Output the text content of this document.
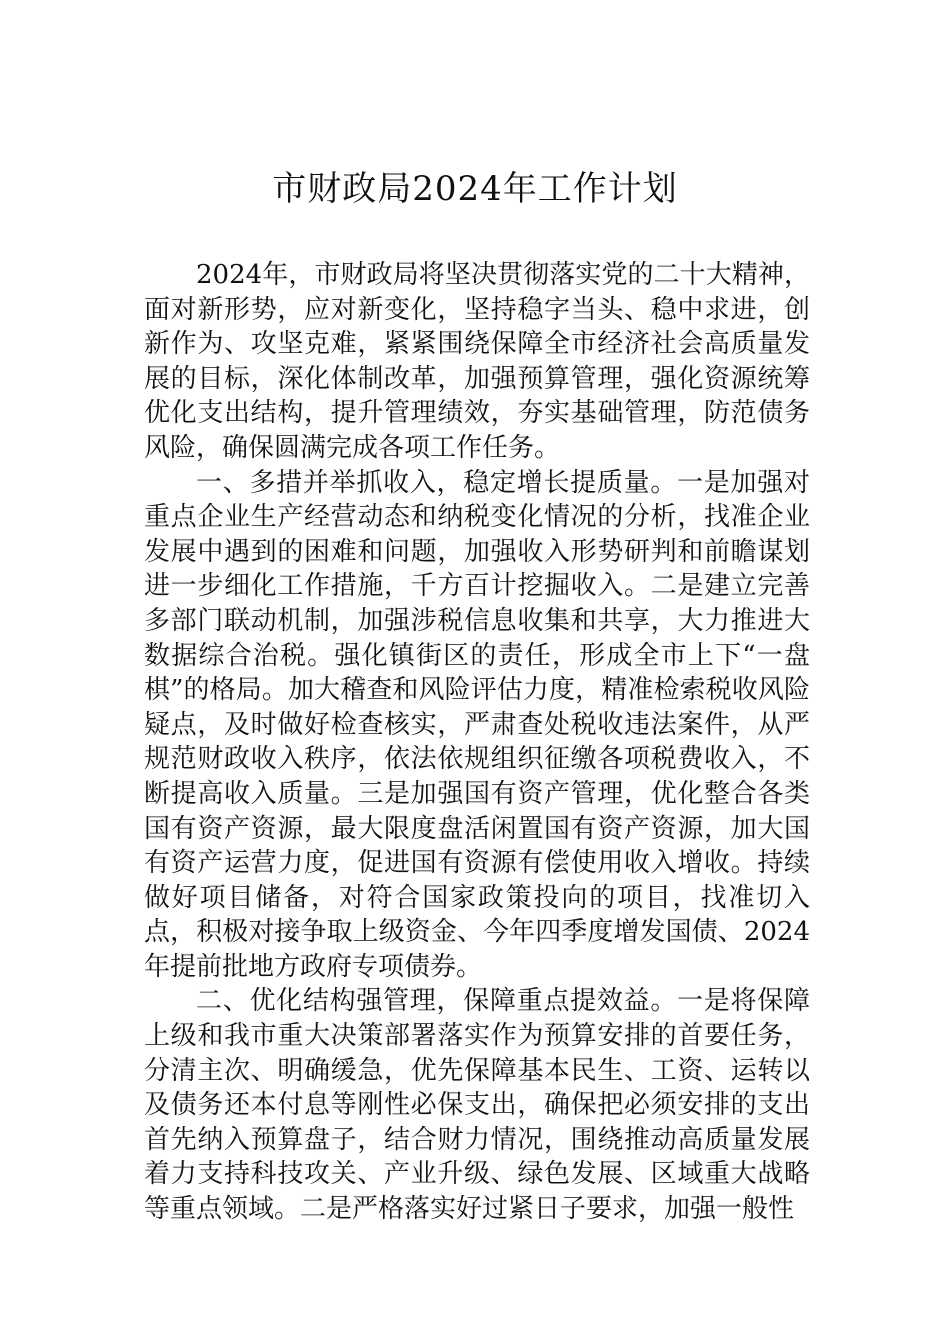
市财政局2024年工作计划

2024年，市财政局将坚决贯彻落实党的二十大精神，面对新形势，应对新变化，坚持稳字当头、稳中求进，创新作为、攻坚克难，紧紧围绕保障全市经济社会高质量发展的目标，深化体制改革，加强预算管理，强化资源统筹优化支出结构，提升管理绩效，夯实基础管理，防范债务风险，确保圆满完成各项工作任务。

一、多措并举抓收入，稳定增长提质量。一是加强对重点企业生产经营动态和纳税变化情况的分析，找准企业发展中遇到的困难和问题，加强收入形势研判和前瞻谋划进一步细化工作措施，千方百计挖掘收入。二是建立完善多部门联动机制，加强涉税信息收集和共享，大力推进大数据综合治税。强化镇街区的责任，形成全市上下“一盘棋”的格局。加大稽查和风险评估力度，精准检索税收风险疑点，及时做好检查核实，严肃查处税收违法案件，从严规范财政收入秩序，依法依规组织征缴各项税费收入，不断提高收入质量。三是加强国有资产管理，优化整合各类国有资产资源，最大限度盘活闲置国有资产资源，加大国有资产运营力度，促进国有资源有偿使用收入增收。持续做好项目储备，对符合国家政策投向的项目，找准切入点，积极对接争取上级资金、今年四季度增发国债、2024年提前批地方政府专项债券。

二、优化结构强管理，保障重点提效益。一是将保障上级和我市重大决策部署落实作为预算安排的首要任务，分清主次、明确缓急，优先保障基本民生、工资、运转以及债务还本付息等刚性必保支出，确保把必须安排的支出首先纳入预算盘子，结合财力情况，围绕推动高质量发展着力支持科技攻关、产业升级、绿色发展、区域重大战略等重点领域。二是严格落实好过紧日子要求，加强一般性
